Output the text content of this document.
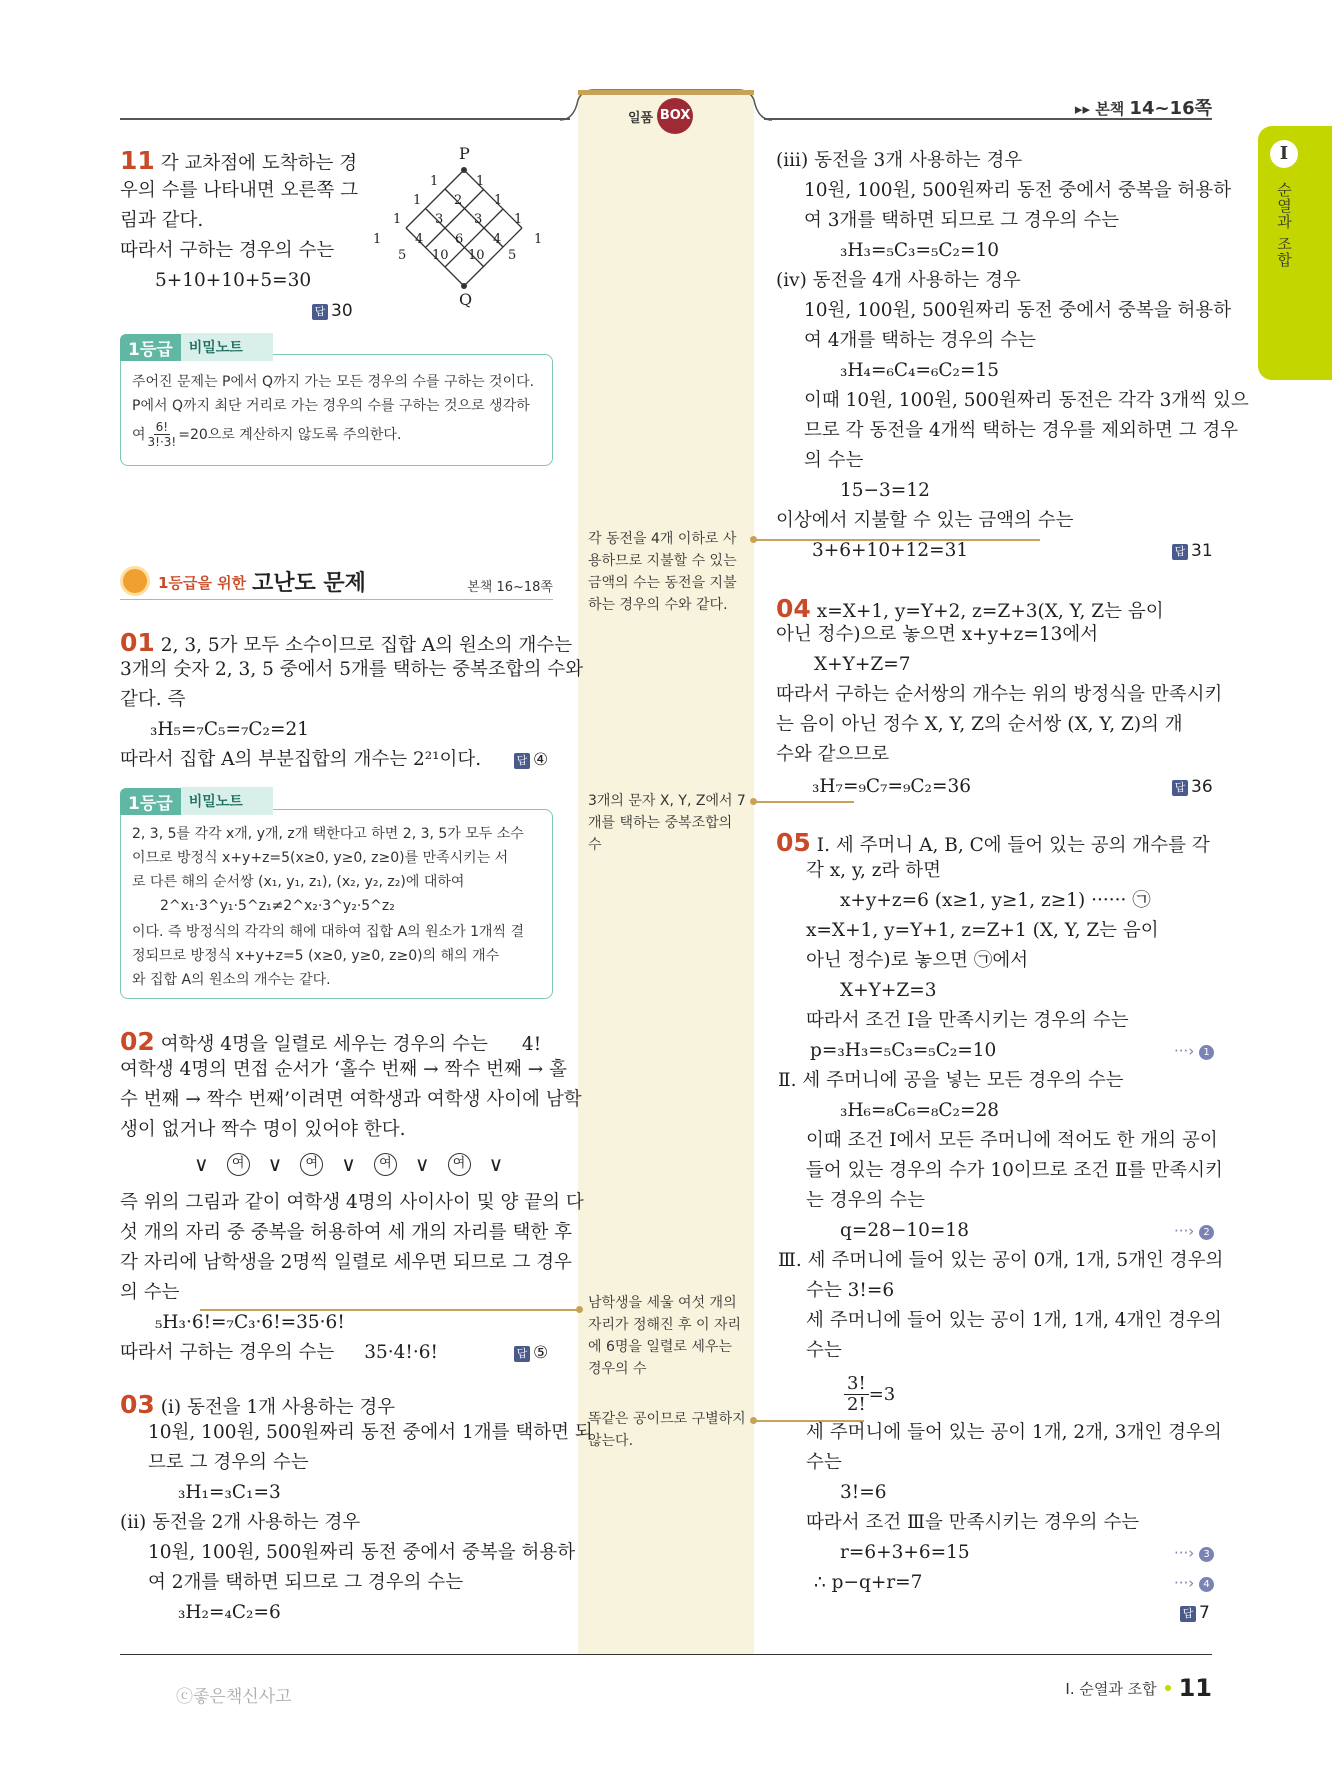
일품 BOX	▸▸ 본책 14~16쪽
I
순열과 조합
11 각 교차점에 도착하는 경
우의 수를 나타내면 오른쪽 그
림과 같다.
따라서 구하는 경우의 수는
5+10+10+5=30
답 30
1	1
1	2 1
1	3 3 1
1	4 6 4	1
5 10 10 5
P
Q
1등급	비밀노트
주어진 문제는 P에서 Q까지 가는 모든 경우의 수를 구하는 것이다.
P에서 Q까지 최단 거리로 가는 경우의 수를 구하는 것으로 생각하
여 $\frac{6!}{3!\cdot 3!} =20$으로 계산하지 않도록 주의한다.
1등급을 위한 고난도 문제	본책 16~18쪽
01 2, 3, 5가 모두 소수이므로 집합 A의 원소의 개수는
3개의 숫자 2, 3, 5 중에서 5개를 택하는 중복조합의 수와
같다. 즉
₃H₅=₇C₅=₇C₂=21
따라서 집합 A의 부분집합의 개수는 2²¹이다.	답 ④
1등급	비밀노트
2, 3, 5를 각각 x개, y개, z개 택한다고 하면 2, 3, 5가 모두 소수
이므로 방정식 x+y+z=5(x≥0, y≥0, z≥0)를 만족시키는 서
로 다른 해의 순서쌍 (x₁, y₁, z₁), (x₂, y₂, z₂)에 대하여
2^x₁·3^y₁·5^z₁≠2^x₂·3^y₂·5^z₂
이다. 즉 방정식의 각각의 해에 대하여 집합 A의 원소가 1개씩 결
정되므로 방정식 x+y+z=5 (x≥0, y≥0, z≥0)의 해의 개수
와 집합 A의 원소의 개수는 같다.
02 여학생 4명을 일렬로 세우는 경우의 수는 4!
여학생 4명의 면접 순서가 ‘홀수 번째 → 짝수 번째 → 홀
수 번째 → 짝수 번째’이려면 여학생과 여학생 사이에 남학
생이 없거나 짝수 명이 있어야 한다.
∨	여 ∨	여 ∨	여 ∨	여 ∨
즉 위의 그림과 같이 여학생 4명의 사이사이 및 양 끝의 다
섯 개의 자리 중 중복을 허용하여 세 개의 자리를 택한 후
각 자리에 남학생을 2명씩 일렬로 세우면 되므로 그 경우
의 수는
₅H₃·6!=₇C₃·6!=35·6!
따라서 구하는 경우의 수는 35·4!·6!	답 ⑤
03 (i) 동전을 1개 사용하는 경우
10원, 100원, 500원짜리 동전 중에서 1개를 택하면 되
므로 그 경우의 수는
₃H₁=₃C₁=3
(ii) 동전을 2개 사용하는 경우
10원, 100원, 500원짜리 동전 중에서 중복을 허용하
여 2개를 택하면 되므로 그 경우의 수는
₃H₂=₄C₂=6
각 동전을 4개 이하로 사용하므로 지불할 수 있는 금액의 수는 동전을 지불하는 경우의 수와 같다.
3개의 문자 X, Y, Z에서 7개를 택하는 중복조합의 수
남학생을 세울 여섯 개의 자리가 정해진 후 이 자리에 6명을 일렬로 세우는 경우의 수
똑같은 공이므로 구별하지 않는다.
(iii) 동전을 3개 사용하는 경우
10원, 100원, 500원짜리 동전 중에서 중복을 허용하
여 3개를 택하면 되므로 그 경우의 수는
₃H₃=₅C₃=₅C₂=10
(iv) 동전을 4개 사용하는 경우
10원, 100원, 500원짜리 동전 중에서 중복을 허용하
여 4개를 택하는 경우의 수는
₃H₄=₆C₄=₆C₂=15
이때 10원, 100원, 500원짜리 동전은 각각 3개씩 있으
므로 각 동전을 4개씩 택하는 경우를 제외하면 그 경우
의 수는
15−3=12
이상에서 지불할 수 있는 금액의 수는
3+6+10+12=31	답 31
04 x=X+1, y=Y+2, z=Z+3(X, Y, Z는 음이
아닌 정수)으로 놓으면 x+y+z=13에서
X+Y+Z=7
따라서 구하는 순서쌍의 개수는 위의 방정식을 만족시키
는 음이 아닌 정수 X, Y, Z의 순서쌍 (X, Y, Z)의 개
수와 같으므로
₃H₇=₉C₇=₉C₂=36	답 36
05 Ⅰ. 세 주머니 A, B, C에 들어 있는 공의 개수를 각
각 x, y, z라 하면
x+y+z=6 (x≥1, y≥1, z≥1) ······ ㉠
x=X+1, y=Y+1, z=Z+1 (X, Y, Z는 음이
아닌 정수)로 놓으면 ㉠에서
X+Y+Z=3
따라서 조건 Ⅰ을 만족시키는 경우의 수는
p=₃H₃=₅C₃=₅C₂=10	···› 1
Ⅱ. 세 주머니에 공을 넣는 모든 경우의 수는
₃H₆=₈C₆=₈C₂=28
이때 조건 Ⅰ에서 모든 주머니에 적어도 한 개의 공이
들어 있는 경우의 수가 10이므로 조건 Ⅱ를 만족시키
는 경우의 수는
q=28−10=18	···› 2
Ⅲ. 세 주머니에 들어 있는 공이 0개, 1개, 5개인 경우의
수는 3!=6
세 주머니에 들어 있는 공이 1개, 1개, 4개인 경우의
수는
$\frac{3!}{2!} =3$
세 주머니에 들어 있는 공이 1개, 2개, 3개인 경우의
수는
3!=6
따라서 조건 Ⅲ을 만족시키는 경우의 수는
r=6+3+6=15	···› 3
∴ p−q+r=7	···› 4
답 7
ⓒ좋은책신사고	Ⅰ. 순열과 조합 11
